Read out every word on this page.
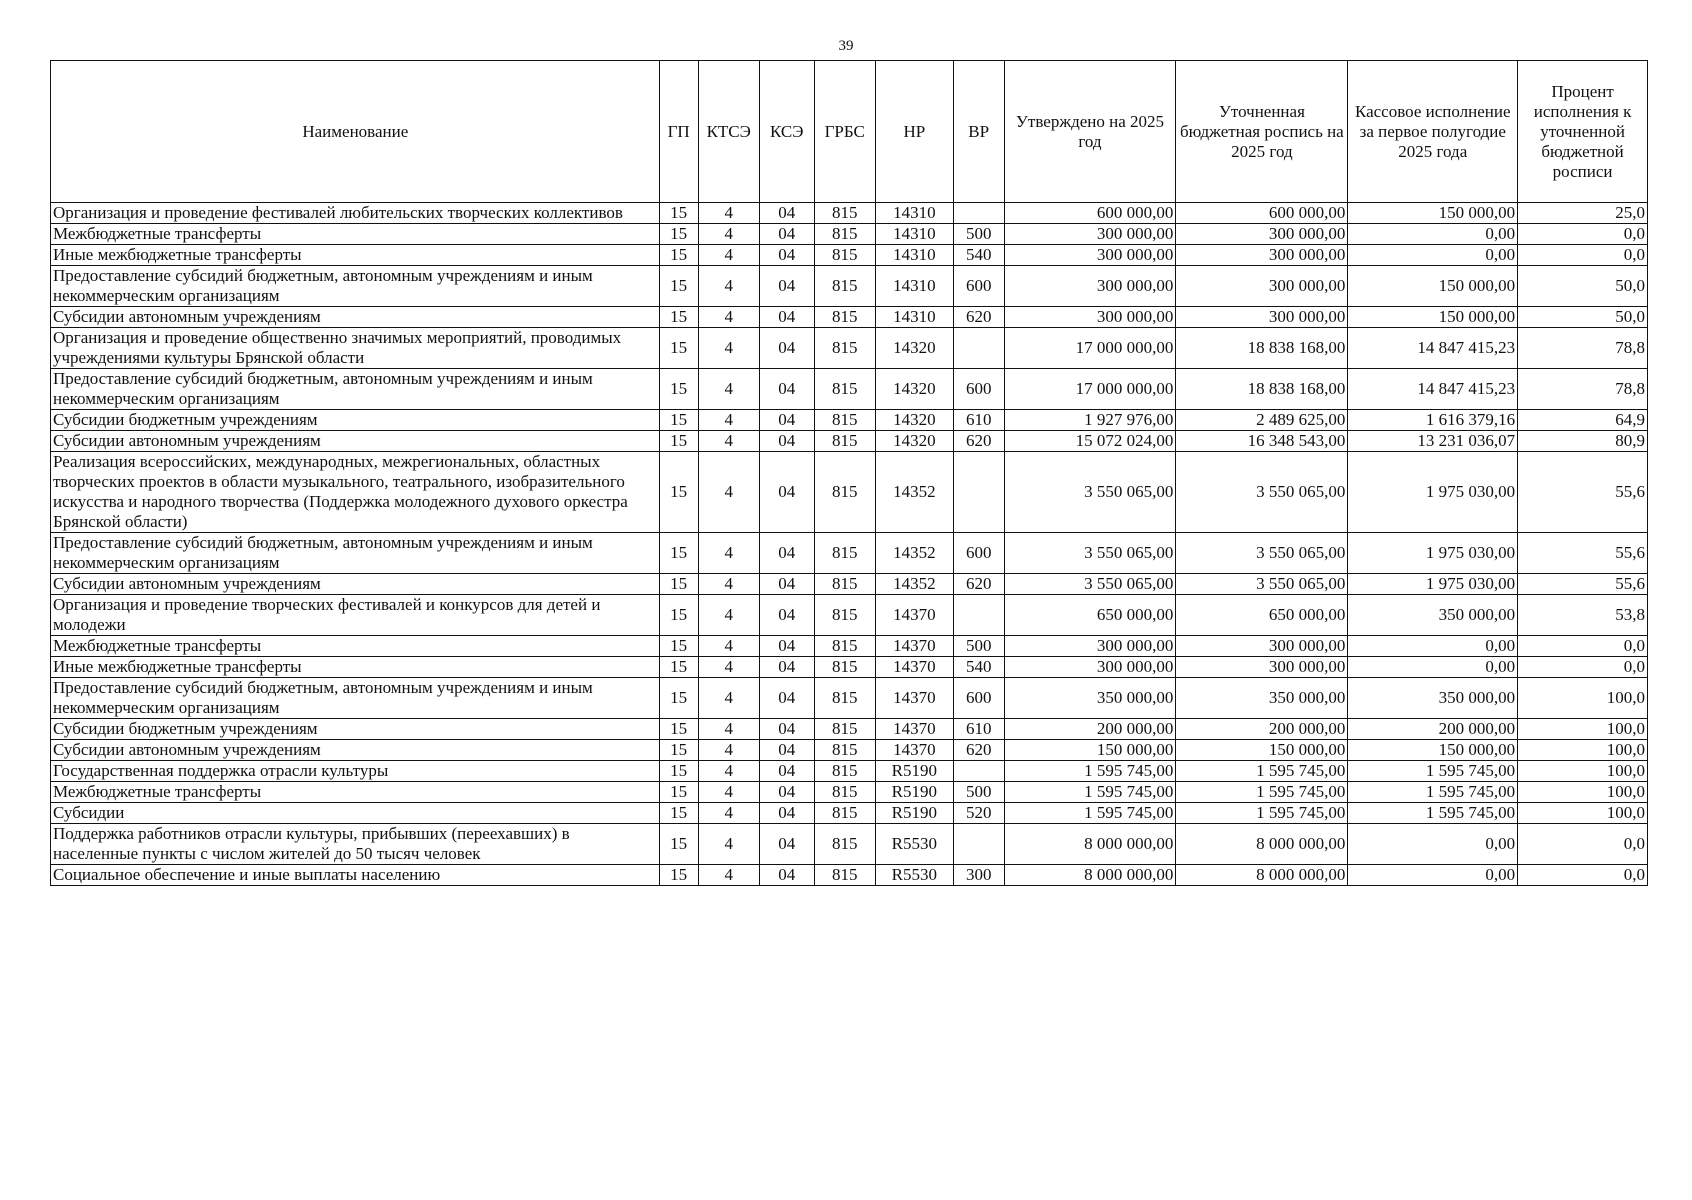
39
Наименование	ГП	КТСЭ	КСЭ	ГРБС	НР	ВР	Утверждено на 2025 год	Уточненная бюджетная роспись на 2025 год	Кассовое исполнение за первое полугодие 2025 года	Процент исполнения к уточненной бюджетной росписи
Организация и проведение фестивалей любительских творческих коллективов	15	4	04	815	14310		600 000,00	600 000,00	150 000,00	25,0
Межбюджетные трансферты	15	4	04	815	14310	500	300 000,00	300 000,00	0,00	0,0
Иные межбюджетные трансферты	15	4	04	815	14310	540	300 000,00	300 000,00	0,00	0,0
Предоставление субсидий бюджетным, автономным учреждениям и иным некоммерческим организациям	15	4	04	815	14310	600	300 000,00	300 000,00	150 000,00	50,0
Субсидии автономным учреждениям	15	4	04	815	14310	620	300 000,00	300 000,00	150 000,00	50,0
Организация и проведение общественно значимых мероприятий, проводимых учреждениями культуры Брянской области	15	4	04	815	14320		17 000 000,00	18 838 168,00	14 847 415,23	78,8
Предоставление субсидий бюджетным, автономным учреждениям и иным некоммерческим организациям	15	4	04	815	14320	600	17 000 000,00	18 838 168,00	14 847 415,23	78,8
Субсидии бюджетным учреждениям	15	4	04	815	14320	610	1 927 976,00	2 489 625,00	1 616 379,16	64,9
Субсидии автономным учреждениям	15	4	04	815	14320	620	15 072 024,00	16 348 543,00	13 231 036,07	80,9
Реализация всероссийских, международных, межрегиональных, областных творческих проектов в области музыкального, театрального, изобразительного искусства и народного творчества (Поддержка молодежного духового оркестра Брянской области)	15	4	04	815	14352		3 550 065,00	3 550 065,00	1 975 030,00	55,6
Предоставление субсидий бюджетным, автономным учреждениям и иным некоммерческим организациям	15	4	04	815	14352	600	3 550 065,00	3 550 065,00	1 975 030,00	55,6
Субсидии автономным учреждениям	15	4	04	815	14352	620	3 550 065,00	3 550 065,00	1 975 030,00	55,6
Организация и проведение творческих фестивалей и конкурсов для детей и молодежи	15	4	04	815	14370		650 000,00	650 000,00	350 000,00	53,8
Межбюджетные трансферты	15	4	04	815	14370	500	300 000,00	300 000,00	0,00	0,0
Иные межбюджетные трансферты	15	4	04	815	14370	540	300 000,00	300 000,00	0,00	0,0
Предоставление субсидий бюджетным, автономным учреждениям и иным некоммерческим организациям	15	4	04	815	14370	600	350 000,00	350 000,00	350 000,00	100,0
Субсидии бюджетным учреждениям	15	4	04	815	14370	610	200 000,00	200 000,00	200 000,00	100,0
Субсидии автономным учреждениям	15	4	04	815	14370	620	150 000,00	150 000,00	150 000,00	100,0
Государственная поддержка отрасли культуры	15	4	04	815	R5190		1 595 745,00	1 595 745,00	1 595 745,00	100,0
Межбюджетные трансферты	15	4	04	815	R5190	500	1 595 745,00	1 595 745,00	1 595 745,00	100,0
Субсидии	15	4	04	815	R5190	520	1 595 745,00	1 595 745,00	1 595 745,00	100,0
Поддержка работников отрасли культуры, прибывших (переехавших) в населенные пункты с числом жителей до 50 тысяч человек	15	4	04	815	R5530		8 000 000,00	8 000 000,00	0,00	0,0
Социальное обеспечение и иные выплаты населению	15	4	04	815	R5530	300	8 000 000,00	8 000 000,00	0,00	0,0
